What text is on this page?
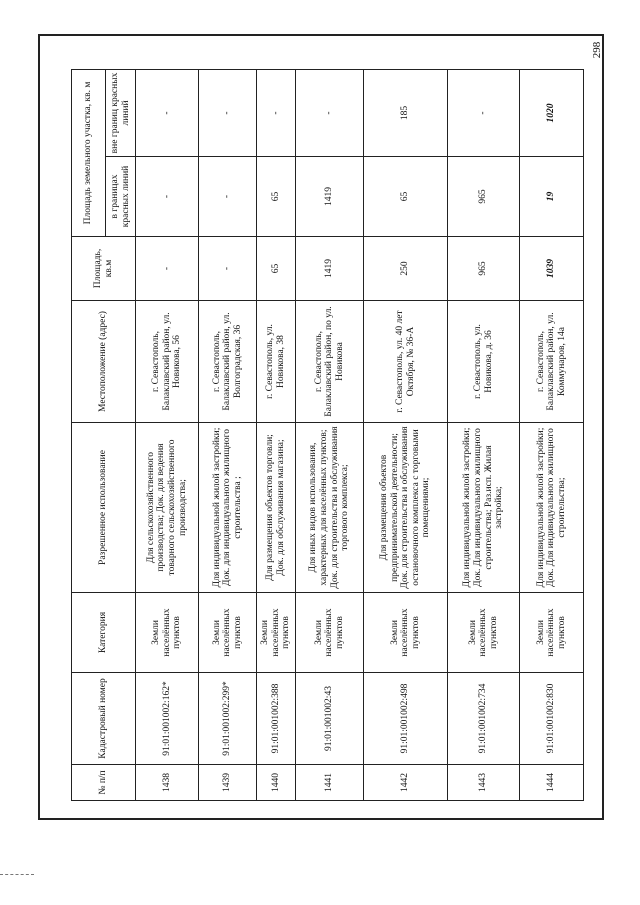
298
№ п/п	Кадастровый номер	Категория	Разрешенное использование	Местоположение (адрес)	Площадь, кв.м	Площадь земельного участка, кв. м	
						в границах красных линий	вне границ красных линий
1438	91:01:001002:162*	Земли населённых пунктов	Для сельскохозяйственного производства; Док. для ведения товарного сельскохозяйственного производства;	г. Севастополь, Балаклавский район, ул. Новикова, 56	-	-	-
1439	91:01:001002:299*	Земли населённых пунктов	Для индивидуальной жилой застройки; Док. для индивидуального жилищного строительства ;	г. Севастополь, Балаклавский район, ул. Волгоградская, 36	-	-	-
1440	91:01:001002:388	Земли населённых пунктов	Для размещения объектов торговли; Док. для обслуживания магазина;	г. Севастополь, ул. Новикова, 38	65	65	-
1441	91:01:001002:43	Земли населённых пунктов	Для иных видов использования, характерных для населённых пунктов; Док. для строительства и обслуживания торгового комплекса;	г. Севастополь, Балаклавский район, по ул. Новикова	1419	1419	-
1442	91:01:001002:498	Земли населённых пунктов	Для размещения объектов предпринимательской деятельности; Док. для строительства и обслуживания остановочного комплекса с торговыми помещениями;	г. Севастополь, ул. 40 лет Октября, № 36-А	250	65	185
1443	91:01:001002:734	Земли населённых пунктов	Для индивидуальной жилой застройки; Док. Для индивидуального жилищного строительства; Раз.исп. Жилая застройка;	г. Севастополь, ул. Новикова, д. 36	965	965	-
1444	91:01:001002:830	Земли населённых пунктов	Для индивидуальной жилой застройки; Док. Для индивидуального жилищного строительства;	г. Севастополь, Балаклавский район, ул. Коммунаров, 14а	1039	19	1020
